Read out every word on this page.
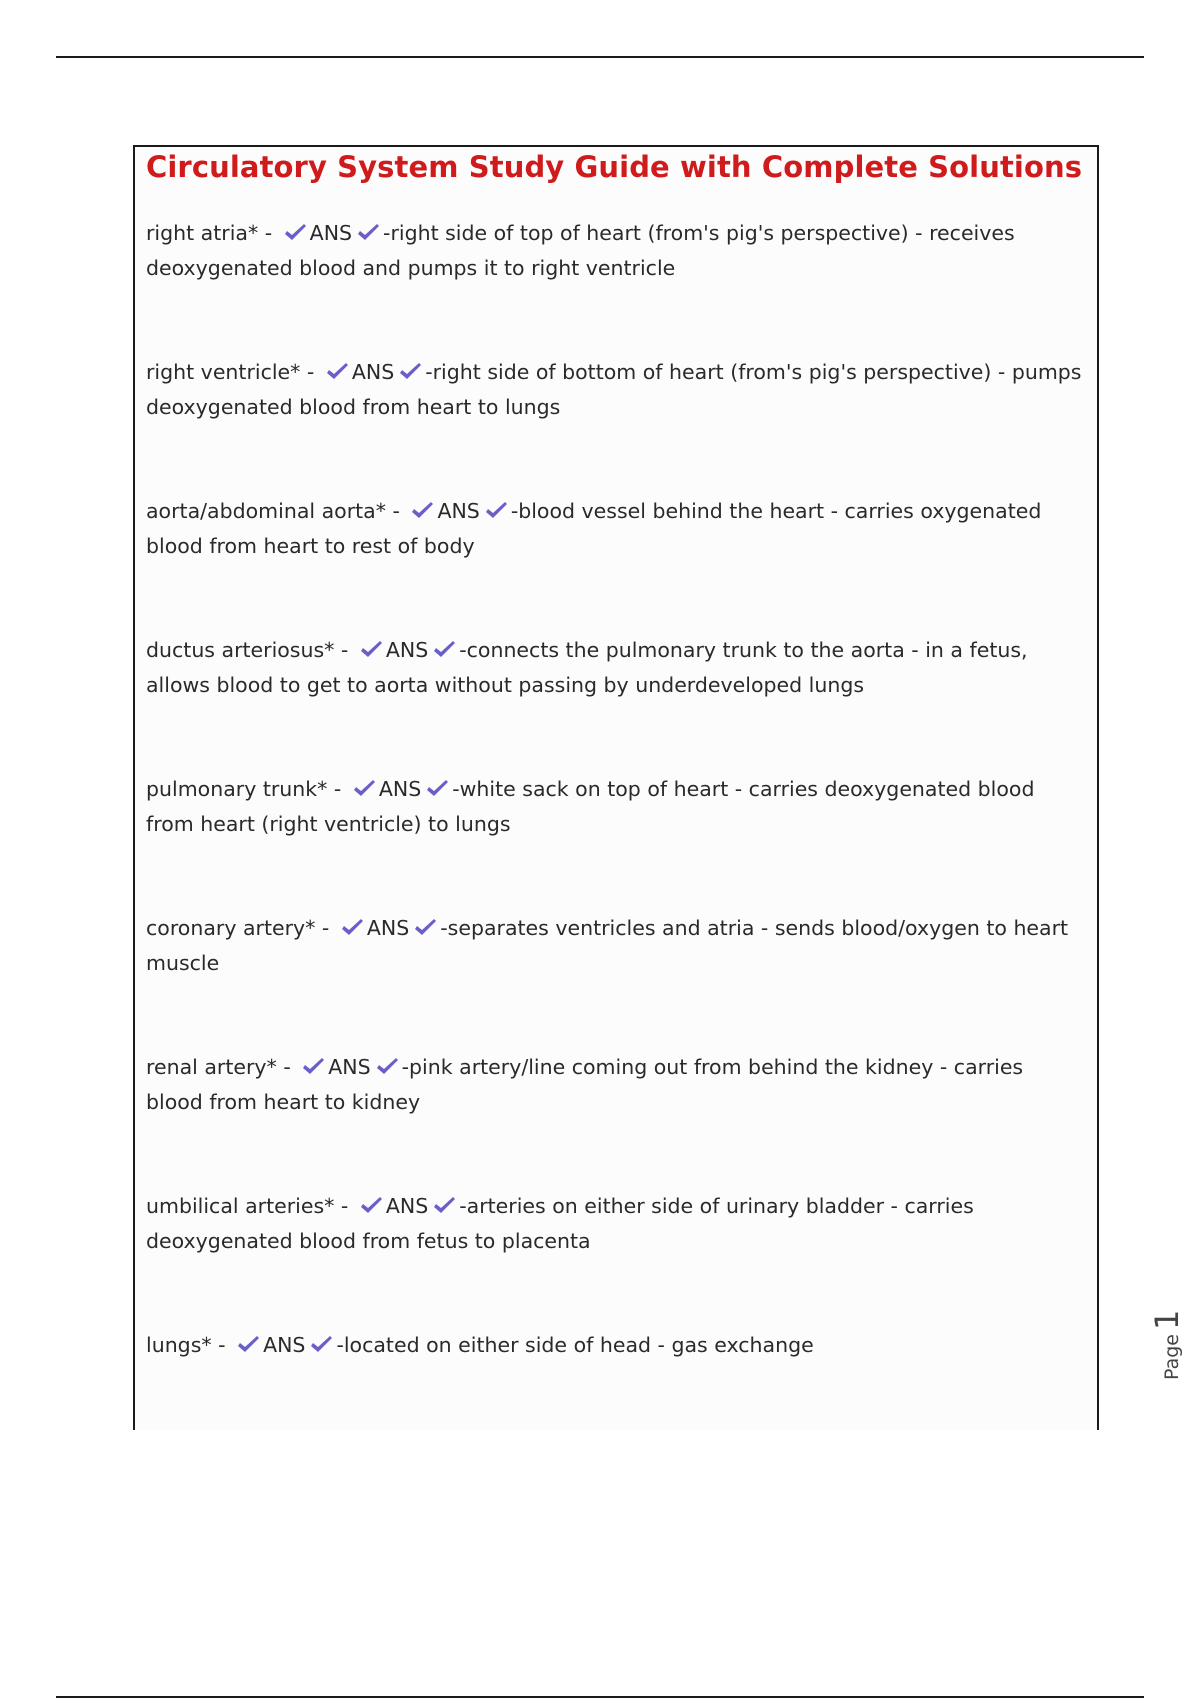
Circulatory System Study Guide with Complete Solutions
right atria* - ANS -right side of top of heart (from's pig's perspective) - receives deoxygenated blood and pumps it to right ventricle
right ventricle* - ANS -right side of bottom of heart (from's pig's perspective) - pumps deoxygenated blood from heart to lungs
aorta/abdominal aorta* - ANS -blood vessel behind the heart - carries oxygenated blood from heart to rest of body
ductus arteriosus* - ANS -connects the pulmonary trunk to the aorta - in a fetus, allows blood to get to aorta without passing by underdeveloped lungs
pulmonary trunk* - ANS -white sack on top of heart - carries deoxygenated blood from heart (right ventricle) to lungs
coronary artery* - ANS -separates ventricles and atria - sends blood/oxygen to heart muscle
renal artery* - ANS -pink artery/line coming out from behind the kidney - carries blood from heart to kidney
umbilical arteries* - ANS -arteries on either side of urinary bladder - carries deoxygenated blood from fetus to placenta
lungs* - ANS -located on either side of head - gas exchange	Page1
